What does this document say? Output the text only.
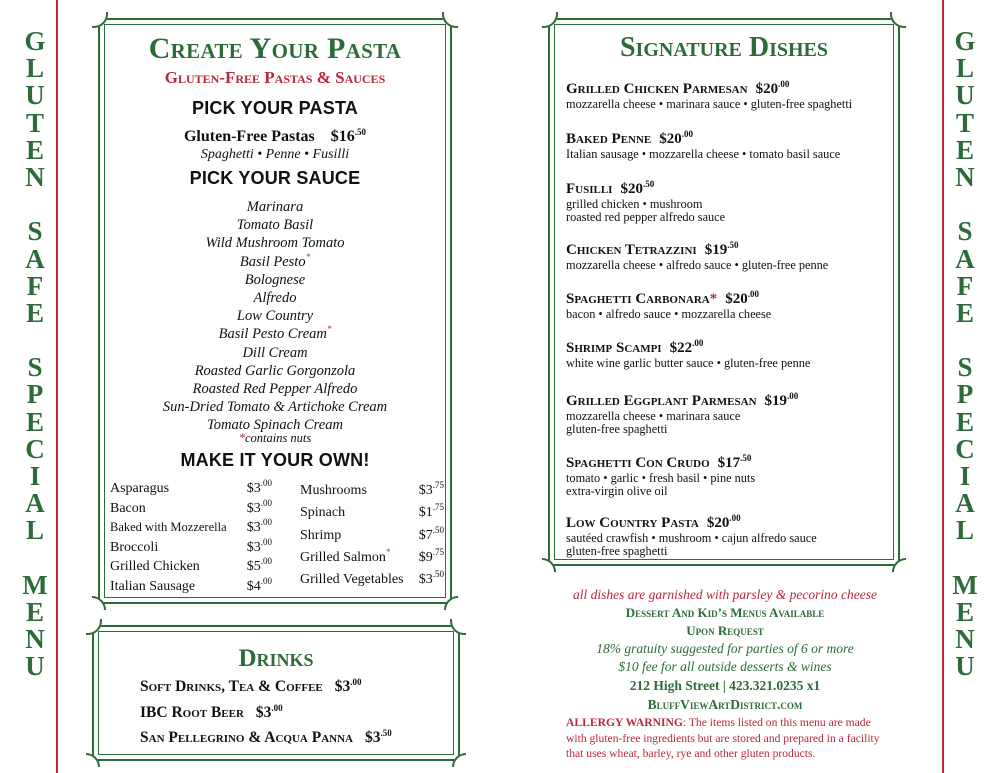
G
L
U
T
E
N
S
A
F
E
S
P
E
C
I
A
L
M
E
N
U
G
L
U
T
E
N
S
A
F
E
S
P
E
C
I
A
L
M
E
N
U
Create Your Pasta
Gluten-Free Pastas & Sauces
PICK YOUR PASTA
Gluten-Free Pastas $\$16^{.50}$
Spaghetti • Penne • Fusilli
PICK YOUR SAUCE
Marinara
Tomato Basil
Wild Mushroom Tomato
Basil Pesto*
Bolognese
Alfredo
Low Country
Basil Pesto Cream*
Dill Cream
Roasted Garlic Gorgonzola
Roasted Red Pepper Alfredo
Sun-Dried Tomato & Artichoke Cream
Tomato Spinach Cream
*contains nuts
MAKE IT YOUR OWN!
Asparagus	$\$3^{.00}$
Bacon	$\$3^{.00}$
Baked with Mozzerella $\$3^{.00}$
Broccoli	$\$3^{.00}$
Grilled Chicken	$\$5^{.00}$
Italian Sausage	$\$4^{.00}$
Mushrooms	$\$3^{.75}$
Spinach	$\$1^{.75}$
Shrimp	$\$7^{.50}$
Grilled Salmon* $\$9^{.75}$
Grilled Vegetables $\$3^{.50}$
Drinks
Soft Drinks, Tea & Coffee $\$3^{.00}$
IBC Root Beer $\$3^{.00}$
San Pellegrino & Acqua Panna $\$3^{.50}$
Signature Dishes
Grilled Chicken Parmesan $\$20^{.00}$
mozzarella cheese • marinara sauce • gluten-free spaghetti
Baked Penne $\$20^{.00}$
Italian sausage • mozzarella cheese • tomato basil sauce
Fusilli $\$20^{.50}$
grilled chicken • mushroom
roasted red pepper alfredo sauce
Chicken Tetrazzini $\$19^{.50}$
mozzarella cheese • alfredo sauce • gluten-free penne
Spaghetti Carbonara* $\$20^{.00}$
bacon • alfredo sauce • mozzarella cheese
Shrimp Scampi $\$22^{.00}$
white wine garlic butter sauce • gluten-free penne
Grilled Eggplant Parmesan $\$19^{.00}$
mozzarella cheese • marinara sauce
gluten-free spaghetti
Spaghetti Con Crudo $\$17^{.50}$
tomato • garlic • fresh basil • pine nuts
extra-virgin olive oil
Low Country Pasta $\$20^{.00}$
sautéed crawfish • mushroom • cajun alfredo sauce
gluten-free spaghetti
all dishes are garnished with parsley & pecorino cheese
Dessert And Kid’s Menus Available
Upon Request
18% gratuity suggested for parties of 6 or more
$10 fee for all outside desserts & wines
212 High Street | 423.321.0235 x1
BluffViewArtDistrict.com
ALLERGY WARNING: The items listed on this menu are made with gluten-free ingredients but are stored and prepared in a facility that uses wheat, barley, rye and other gluten products.
